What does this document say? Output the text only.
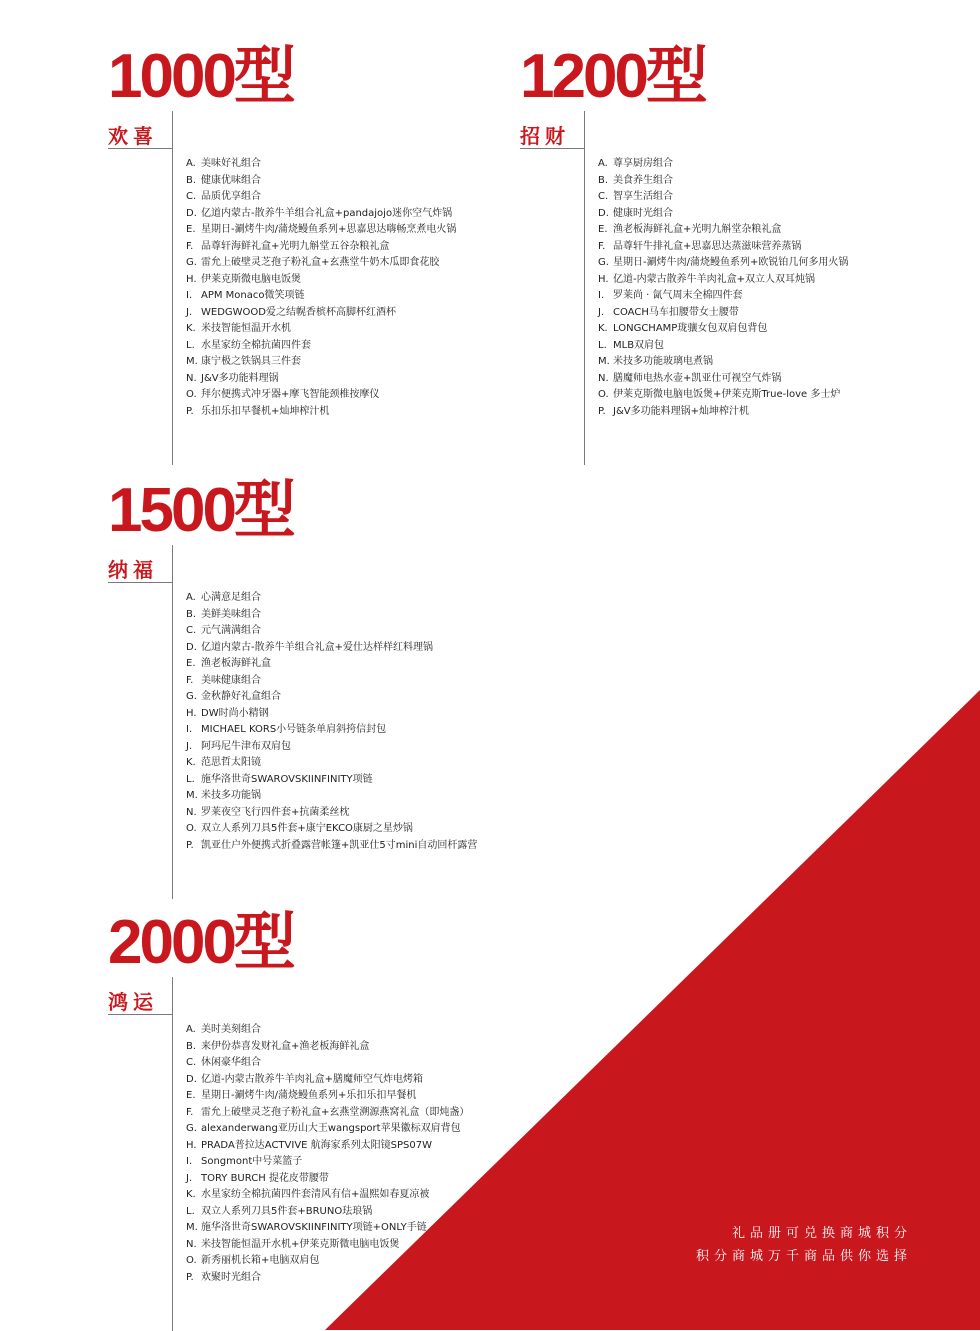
1000型
欢喜
A. 美味好礼组合
B. 健康优味组合
C. 品质优享组合
D. 亿道内蒙古-散养牛羊组合礼盒+pandajojo迷你空气炸锅
E. 星期日-涮烤牛肉/蒲烧鳗鱼系列+思嘉思达嗨畅烹煮电火锅
F. 品尊轩海鲜礼盒+光明九斛堂五谷杂粮礼盒
G. 雷允上破壁灵芝孢子粉礼盒+玄燕堂牛奶木瓜即食花胶
H. 伊莱克斯微电脑电饭煲
I. APM Monaco微笑项链
J. WEDGWOOD爱之结幌香槟杯高脚杯红酒杯
K. 米技智能恒温开水机
L. 水星家纺全棉抗菌四件套
M. 康宁极之铁锅具三件套
N. J&V多功能料理锅
O. 拜尔便携式冲牙器+摩飞智能颈椎按摩仪
P. 乐扣乐扣早餐机+灿坤榨汁机
1200型
招财
A. 尊享厨房组合
B. 美食养生组合
C. 智享生活组合
D. 健康时光组合
E. 渔老板海鲜礼盒+光明九斛堂杂粮礼盒
F. 品尊轩牛排礼盒+思嘉思达蒸滋味营养蒸锅
G. 星期日-涮烤牛肉/蒲烧鳗鱼系列+欧锐铂几何多用火锅
H. 亿道-内蒙古散养牛羊肉礼盒+双立人双耳炖锅
I. 罗莱尚 · 氤气周末全棉四件套
J. COACH马车扣腰带女士腰带
K. LONGCHAMP珑骧女包双肩包背包
L. MLB双肩包
M. 米技多功能玻璃电煮锅
N. 膳魔师电热水壶+凯亚仕可视空气炸锅
O. 伊莱克斯微电脑电饭煲+伊莱克斯True-love 多士炉
P. J&V多功能料理锅+灿坤榨汁机
1500型
纳福
A. 心满意足组合
B. 美鲜美味组合
C. 元气满满组合
D. 亿道内蒙古-散养牛羊组合礼盒+爱仕达样样红料理锅
E. 渔老板海鲜礼盒
F. 美味健康组合
G. 金秋静好礼盒组合
H. DW时尚小精钢
I. MICHAEL KORS小号链条单肩斜挎信封包
J. 阿玛尼牛津布双肩包
K. 范思哲太阳镜
L. 施华洛世奇SWAROVSKIINFINITY项链
M. 米技多功能锅
N. 罗莱夜空飞行四件套+抗菌柔丝枕
O. 双立人系列刀具5件套+康宁EKCO康厨之星炒锅
P. 凯亚仕户外便携式折叠露营帐篷+凯亚仕5寸mini自动回杆露营
2000型
鸿运
A. 美时美刻组合
B. 来伊份恭喜发财礼盒+渔老板海鲜礼盒
C. 休闲豪华组合
D. 亿道-内蒙古散养牛羊肉礼盒+膳魔师空气炸电烤箱
E. 星期日-涮烤牛肉/蒲烧鳗鱼系列+乐扣乐扣早餐机
F. 雷允上破壁灵芝孢子粉礼盒+玄燕堂溯源燕窝礼盒（即炖盏）
G. alexanderwang亚历山大王wangsport苹果徽标双肩背包
H. PRADA普拉达ACTVIVE 航海家系列太阳镜SPS07W
I. Songmont中号菜篮子
J. TORY BURCH 提花皮带腰带
K. 水星家纺全棉抗菌四件套清风有信+温熙如春夏凉被
L. 双立人系列刀具5件套+BRUNO珐琅锅
M. 施华洛世奇SWAROVSKIINFINITY项链+ONLY手链
N. 米技智能恒温开水机+伊莱克斯微电脑电饭煲
O. 新秀丽机长箱+电脑双肩包
P. 欢聚时光组合
礼品册可兑换商城积分
积分商城万千商品供你选择
